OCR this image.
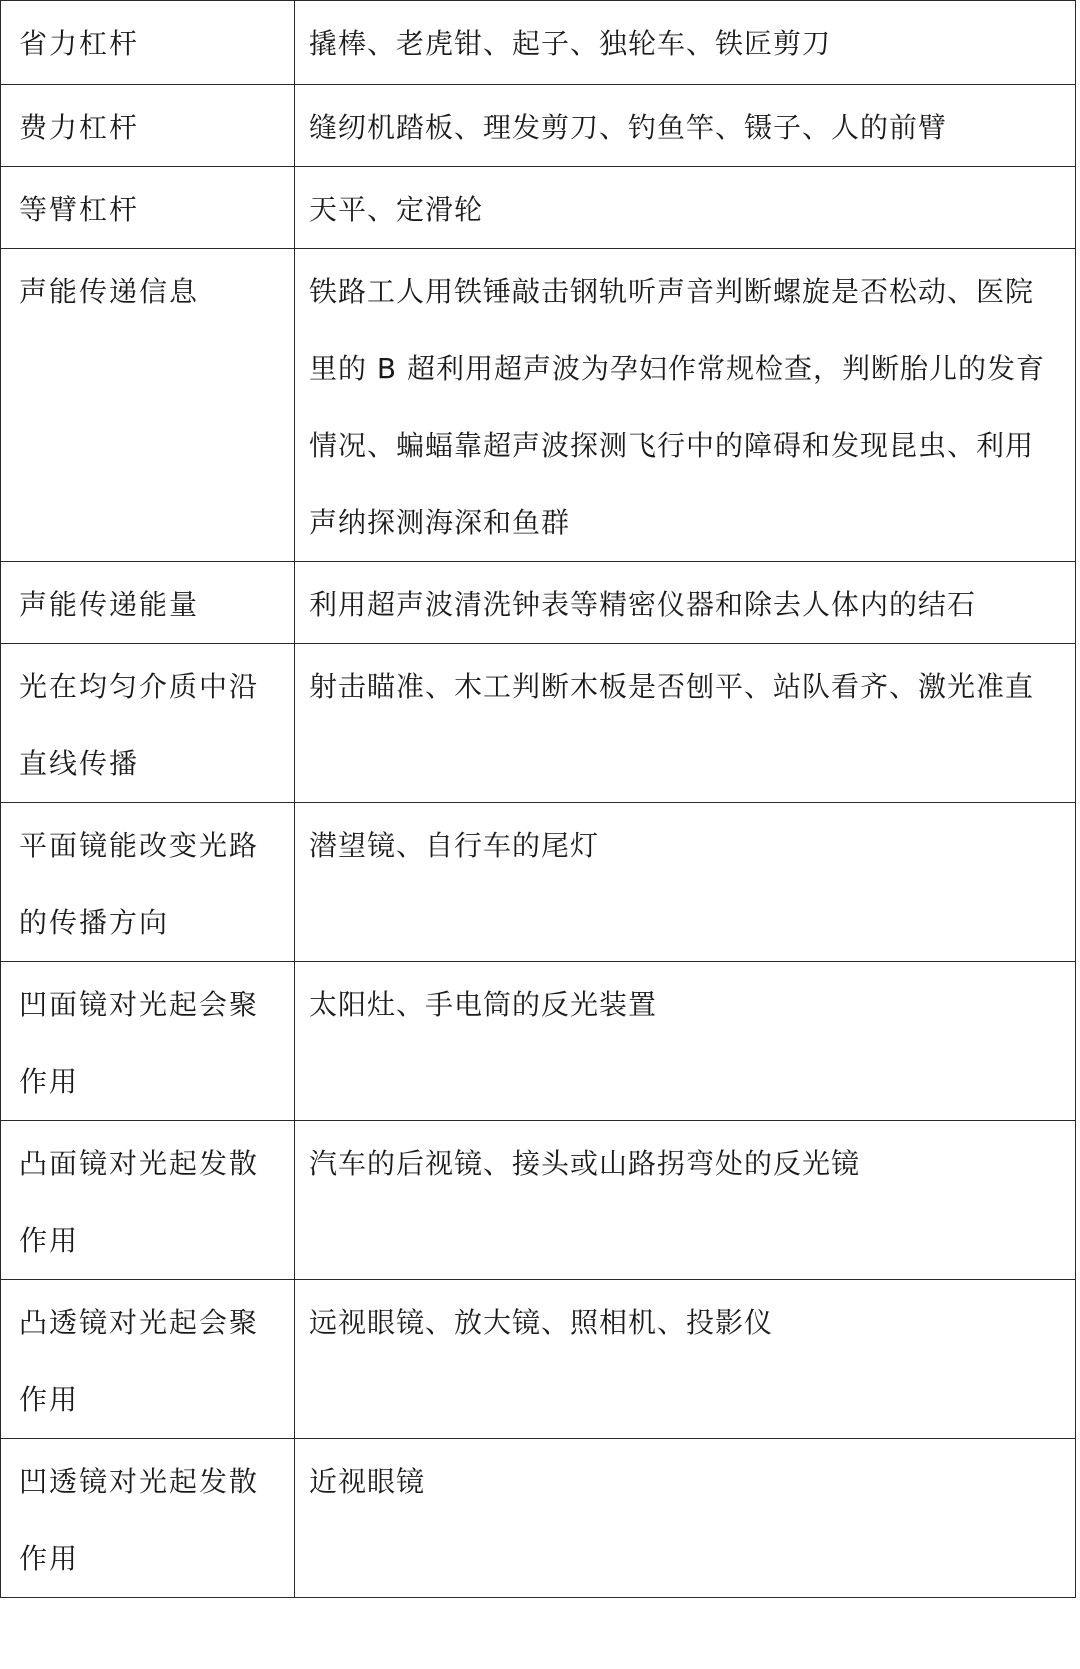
省力杠杆	撬棒、老虎钳、起子、独轮车、铁匠剪刀
费力杠杆	缝纫机踏板、理发剪刀、钓鱼竿、镊子、人的前臂
等臂杠杆	天平、定滑轮
声能传递信息	铁路工人用铁锤敲击钢轨听声音判断螺旋是否松动、医院里的 B 超利用超声波为孕妇作常规检查，判断胎儿的发育情况、蝙蝠靠超声波探测飞行中的障碍和发现昆虫、利用声纳探测海深和鱼群
声能传递能量	利用超声波清洗钟表等精密仪器和除去人体内的结石
光在均匀介质中沿直线传播	射击瞄准、木工判断木板是否刨平、站队看齐、激光准直
平面镜能改变光路的传播方向	潜望镜、自行车的尾灯
凹面镜对光起会聚作用	太阳灶、手电筒的反光装置
凸面镜对光起发散作用	汽车的后视镜、接头或山路拐弯处的反光镜
凸透镜对光起会聚作用	远视眼镜、放大镜、照相机、投影仪
凹透镜对光起发散作用	近视眼镜
